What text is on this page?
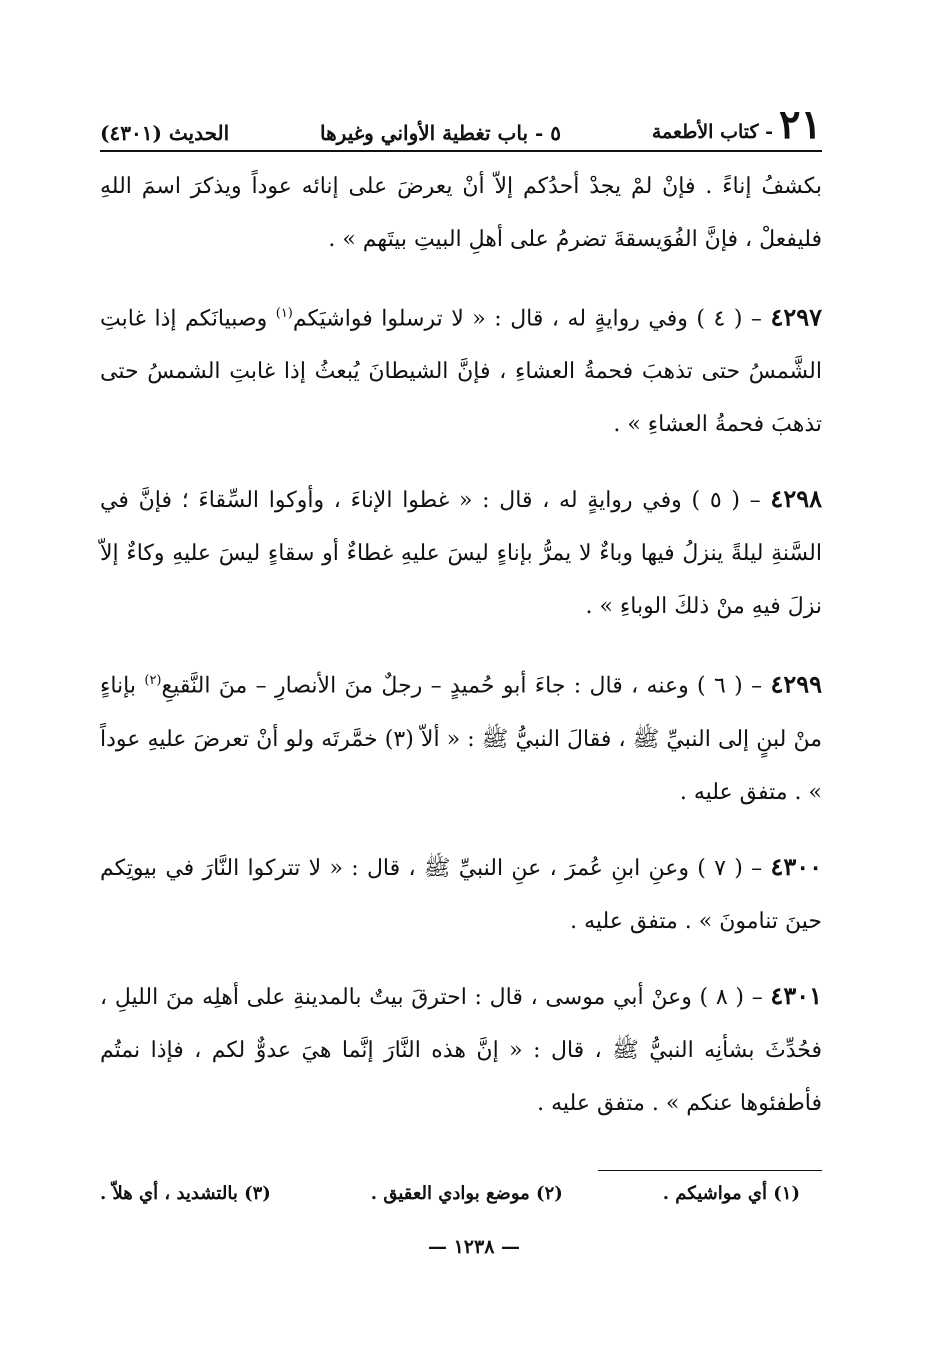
٢١
- كتاب الأطعمة
٥ - باب تغطية الأواني وغيرها
الحديث (٤٣٠١)

بكشفُ إناءً . فإنْ لمْ يجدْ أحدُكم إلاّ أنْ يعرضَ على إنائه عوداً ويذكرَ اسمَ اللهِ فليفعلْ ، فإنَّ الفُوَيسقةَ تضرمُ على أهلِ البيتِ بيتَهم » .

٤٢٩٧ – ( ٤ ) وفي روايةٍ له ، قال : « لا ترسلوا فواشيَكم$^{(١)}$ وصبيانَكم إذا غابتِ الشَّمسُ حتى تذهبَ فحمةُ العشاءِ ، فإنَّ الشيطانَ يُبعثُ إذا غابتِ الشمسُ حتى تذهبَ فحمةُ العشاءِ » .

٤٢٩٨ – ( ٥ ) وفي روايةٍ له ، قال : « غطوا الإناءَ ، وأوكوا السِّقاءَ ؛ فإنَّ في السَّنةِ ليلةً ينزلُ فيها وباءٌ لا يمرُّ بإناءٍ ليسَ عليهِ غطاءٌ أو سقاءٍ ليسَ عليهِ وكاءٌ إلاّ نزلَ فيهِ منْ ذلكَ الوباءِ » .

٤٢٩٩ – ( ٦ ) وعنه ، قال : جاءَ أبو حُميدٍ – رجلٌ منَ الأنصارِ – منَ النَّقيعِ$^{(٢)}$ بإناءٍ منْ لبنٍ إلى النبيِّ ﷺ ، فقالَ النبيُّ ﷺ : « ألاّ (٣) خمَّرتَه ولو أنْ تعرضَ عليهِ عوداً » . متفق عليه .

٤٣٠٠ – ( ٧ ) وعنِ ابنِ عُمرَ ، عنِ النبيِّ ﷺ ، قال : « لا تتركوا النَّارَ في بيوتِكم حينَ تنامونَ » . متفق عليه .

٤٣٠١ – ( ٨ ) وعنْ أبي موسى ، قال : احترقَ بيتٌ بالمدينةِ على أهلِه منَ الليلِ ، فحُدِّثَ بشأنِه النبيُّ ﷺ ، قال : « إنَّ هذه النَّارَ إنَّما هيَ عدوٌّ لكم ، فإذا نمتُم فأطفئوها عنكم » . متفق عليه .

(١) أي مواشيكم .
(٢) موضع بوادي العقيق .
(٣) بالتشديد ، أي هلاّ .
— ١٢٣٨ —
